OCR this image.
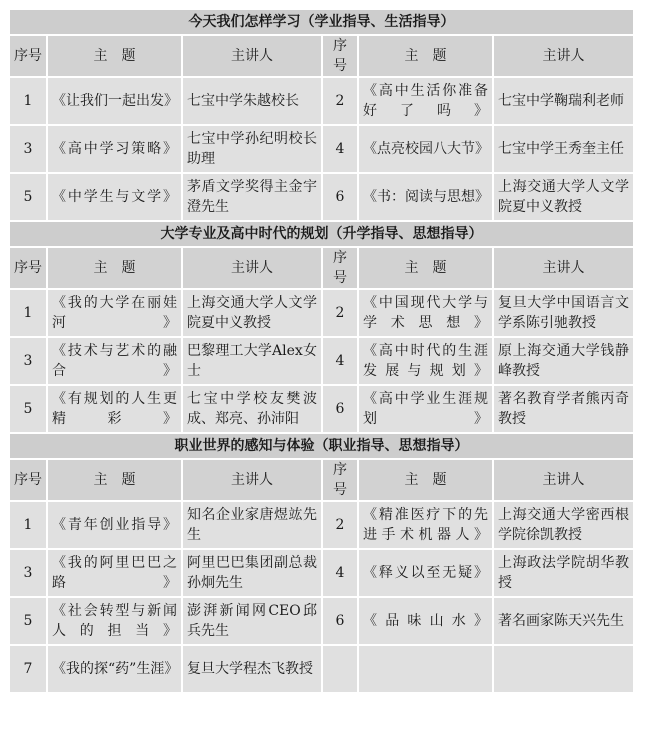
今天我们怎样学习（学业指导、生活指导）					
序号	主　题	主讲人	序号	主　题	主讲人
1	《让我们一起出发》	七宝中学朱越校长	2	《高中生活你准备好了吗》	七宝中学鞠瑞利老师
3	《高中学习策略》	七宝中学孙纪明校长助理	4	《点亮校园八大节》	七宝中学王秀奎主任
5	《中学生与文学》	茅盾文学奖得主金宇澄先生	6	《书：阅读与思想》	上海交通大学人文学院夏中义教授
大学专业及高中时代的规划（升学指导、思想指导）					
序号	主　题	主讲人	序号	主　题	主讲人
1	《我的大学在丽娃河》	上海交通大学人文学院夏中义教授	2	《中国现代大学与学术思想》	复旦大学中国语言文学系陈引驰教授
3	《技术与艺术的融合》	巴黎理工大学Alex女士	4	《高中时代的生涯发展与规划》	原上海交通大学钱静峰教授
5	《有规划的人生更精彩》	七宝中学校友樊波成、郑亮、孙沛阳	6	《高中学业生涯规划》	著名教育学者熊丙奇教授
职业世界的感知与体验（职业指导、思想指导）					
序号	主　题	主讲人	序号	主　题	主讲人
1	《青年创业指导》	知名企业家唐煜竑先生	2	《精准医疗下的先进手术机器人》	上海交通大学密西根学院徐凯教授
3	《我的阿里巴巴之路》	阿里巴巴集团副总裁孙炯先生	4	《释义以至无疑》	上海政法学院胡华教授
5	《社会转型与新闻人的担当》	澎湃新闻网CEO邱兵先生	6	《品味山水》	著名画家陈天兴先生
7	《我的探“药”生涯》	复旦大学程杰飞教授			
